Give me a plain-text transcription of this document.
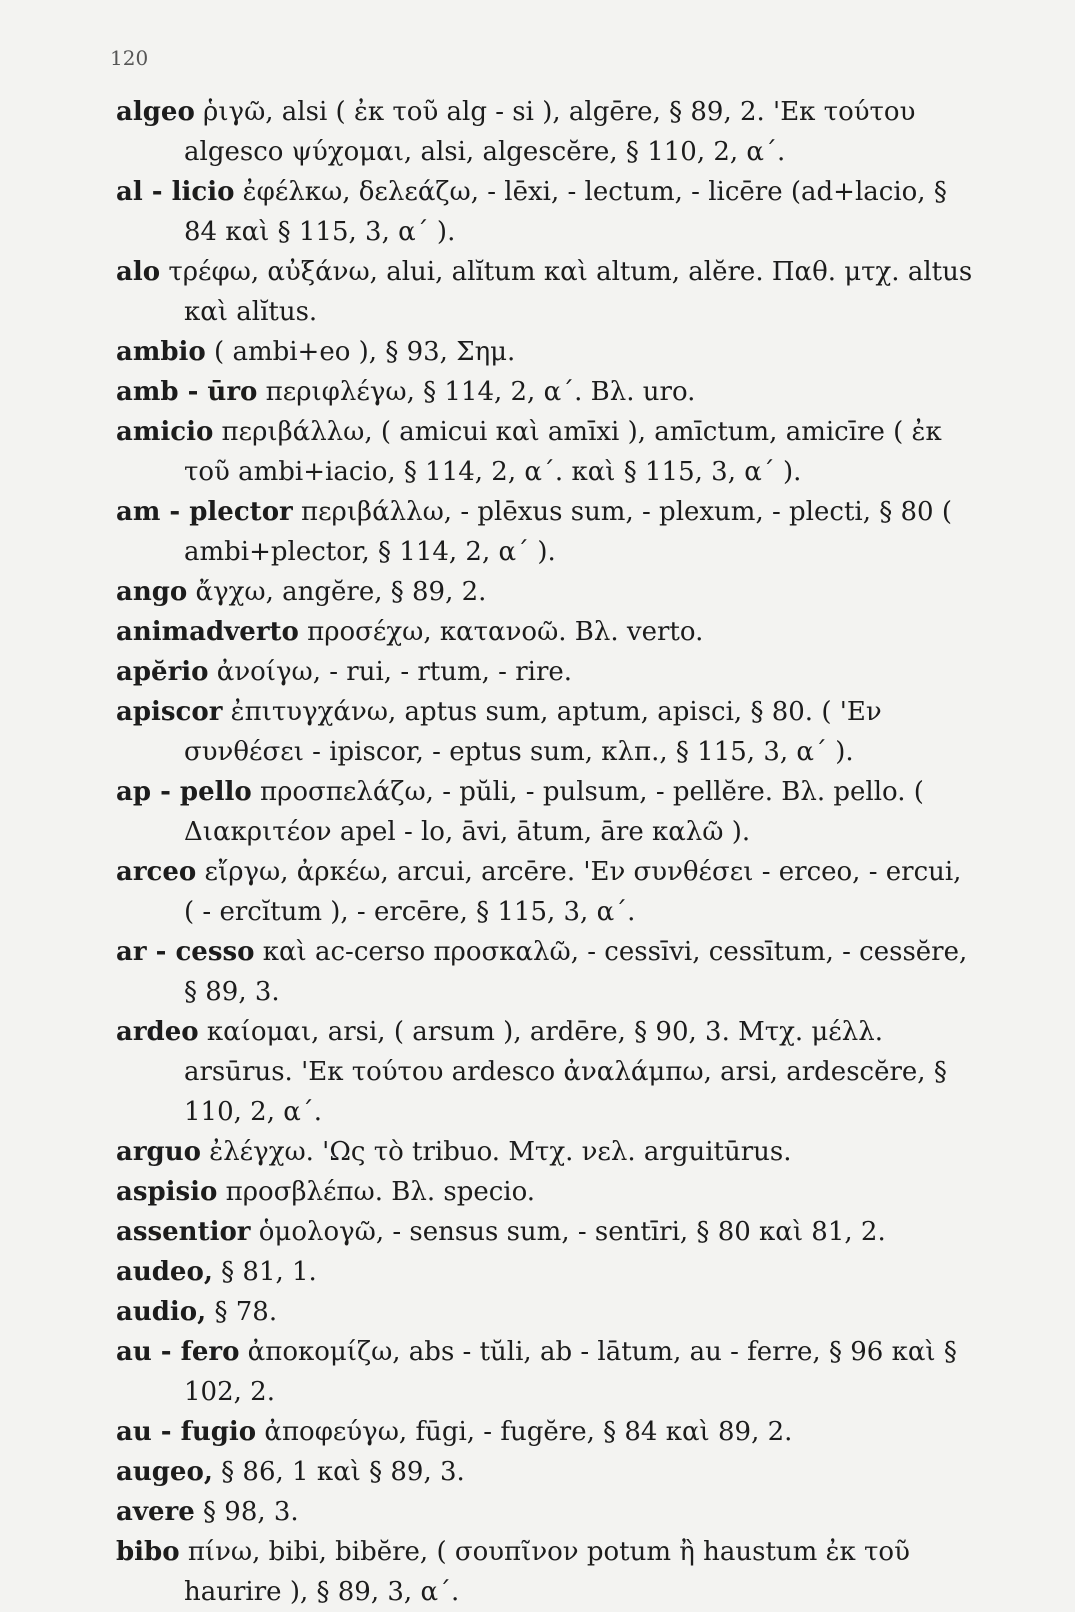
120
algeo ῥιγῶ, alsi ( ἐκ τοῦ alg - si ), algēre, § 89, 2. 'Εκ τούτου algesco ψύχομαι, alsi, algescĕre, § 110, 2, α΄.
al - licio ἐφέλκω, δελεάζω, - lēxi, - lectum, - licēre (ad+lacio, § 84 καὶ § 115, 3, α΄ ).
alo τρέφω, αὐξάνω, alui, alĭtum καὶ altum, alĕre. Παθ. μτχ. altus καὶ alĭtus.
ambio ( ambi+eo ), § 93, Σημ.
amb - ūro περιφλέγω, § 114, 2, α΄. Βλ. uro.
amicio περιβάλλω, ( amicui καὶ amīxi ), amīctum, amicīre ( ἐκ τοῦ ambi+iacio, § 114, 2, α΄. καὶ § 115, 3, α΄ ).
am - plector περιβάλλω, - plēxus sum, - plexum, - plecti, § 80 ( ambi+plector, § 114, 2, α΄ ).
ango ἄγχω, angĕre, § 89, 2.
animadverto προσέχω, κατανοῶ. Βλ. verto.
apĕrio ἀνοίγω, - rui, - rtum, - rire.
apiscor ἐπιτυγχάνω, aptus sum, aptum, apisci, § 80. ( 'Εν συνθέσει - ipiscor, - eptus sum, κλπ., § 115, 3, α΄ ).
ap - pello προσπελάζω, - pŭli, - pulsum, - pellĕre. Βλ. pello. ( Διακριτέον apel - lo, āvi, ātum, āre καλῶ ).
arceo εἴργω, ἀρκέω, arcui, arcēre. 'Εν συνθέσει - erceo, - ercui, ( - ercĭtum ), - ercēre, § 115, 3, α΄.
ar - cesso καὶ ac-cerso προσκαλῶ, - cessīvi, cessītum, - cessĕre, § 89, 3.
ardeo καίομαι, arsi, ( arsum ), ardēre, § 90, 3. Μτχ. μέλλ. arsūrus. 'Εκ τούτου ardesco ἀναλάμπω, arsi, ardescĕre, § 110, 2, α΄.
arguo ἐλέγχω. 'Ως τὸ tribuo. Μτχ. νελ. arguitūrus.
aspisio προσβλέπω. Βλ. specio.
assentior ὁμολογῶ, - sensus sum, - sentīri, § 80 καὶ 81, 2.
audeo, § 81, 1.
audio, § 78.
au - fero ἀποκομίζω, abs - tŭli, ab - lātum, au - ferre, § 96 καὶ § 102, 2.
au - fugio ἀποφεύγω, fūgi, - fugĕre, § 84 καὶ 89, 2.
augeo, § 86, 1 καὶ § 89, 3.
avere § 98, 3.
bibo πίνω, bibi, bibĕre, ( σουπῖνον potum ἢ haustum ἐκ τοῦ haurire ), § 89, 3, α΄.
